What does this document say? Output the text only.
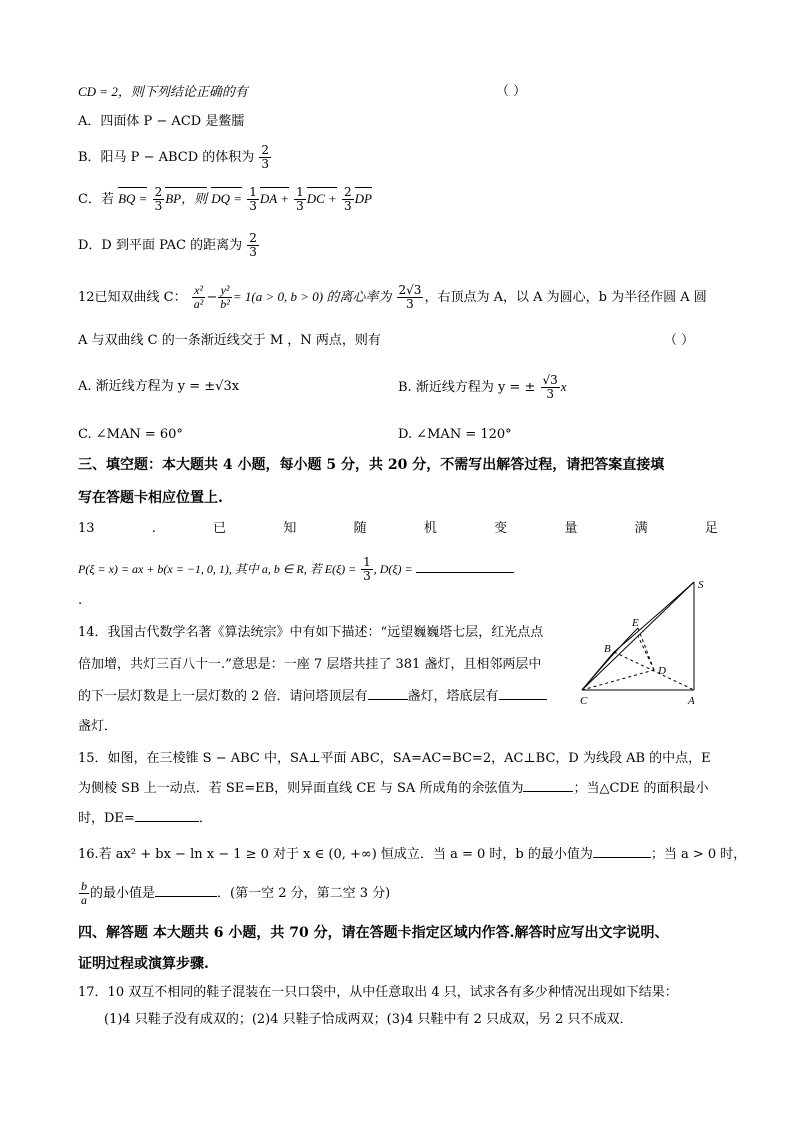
CD = 2，则下列结论正确的有	（ ）
A．四面体 P − ACD 是鳖臑
B．阳马 P − ABCD 的体积为 $\frac{2}{3}$
C．若 BQ = $\frac{2}{3}$ BP，则 DQ = $\frac{1}{3}$ DA + $\frac{1}{3}$ DC + $\frac{2}{3}$ DP
D．D 到平面 PAC 的距离为 $\frac{2}{3}$
12已知双曲线 C： $\frac{\text{x²}}{\text{a²}} - \frac{\text{y²}}{\text{b²}} = 1(a > 0$, b > 0) 的离心率为 $\frac{2√3}{3}$ ，右顶点为 A，以 A 为圆心，b 为半径作圆 A 圆
A 与双曲线 C 的一条渐近线交于 M ，N 两点，则有	（ ）
A. 渐近线方程为 y = ±√3x	B. 渐近线方程为 y = ± $\frac{√3}{3}$ x
C. ∠MAN = 60°	D. ∠MAN = 120°
三、填空题：本大题共 4 小题，每小题 5 分，共 20 分，不需写出解答过程，请把答案直接填
写在答题卡相应位置上.
13	.	已	知	随	机	变	量	满	足
P(ξ = x) = ax + b(x = −1, 0, 1), 其中 a, b ∈ R, 若 $E(\xi) = \frac{1}{3}$ , D(ξ) =
.
14．我国古代数学名著《算法统宗》中有如下描述：“远望巍巍塔七层，红光点点
倍加增，共灯三百八十一.”意思是：一座 7 层塔共挂了 381 盏灯，且相邻两层中
的下一层灯数是上一层灯数的 2 倍．请问塔顶层有	盏灯，塔底层有
盏灯．
S
E
B
D
C	A
15．如图，在三棱锥 S − ABC 中，SA⊥平面 ABC，SA=AC=BC=2，AC⊥BC，D 为线段 AB 的中点，E
为侧棱 SB 上一动点．若 SE=EB，则异面直线 CE 与 SA 所成角的余弦值为	；当△CDE 的面积最小
时，DE=	．
16.若 ax² + bx − ln x − 1 ≥ 0 对于 x ∈ (0, +∞) 恒成立．当 a = 0 时，b 的最小值为	；当 a > 0 时，
$\frac{b}{a}$ 的最小值是	．(第一空 2 分，第二空 3 分)
四、解答题 本大题共 6 小题，共 70 分，请在答题卡指定区域内作答.解答时应写出文字说明、
证明过程或演算步骤.
17．10 双互不相同的鞋子混装在一只口袋中，从中任意取出 4 只，试求各有多少种情况出现如下结果：
(1)4 只鞋子没有成双的；(2)4 只鞋子恰成两双；(3)4 只鞋中有 2 只成双，另 2 只不成双．
